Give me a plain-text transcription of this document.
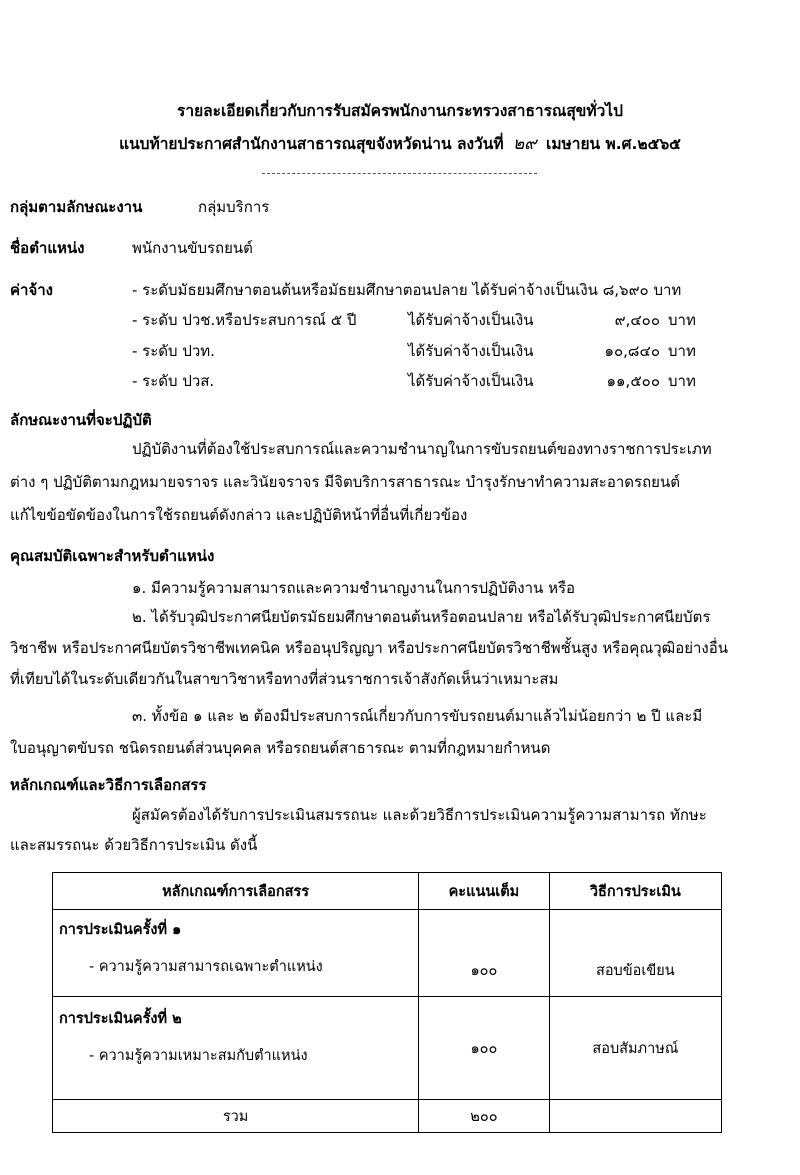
รายละเอียดเกี่ยวกับการรับสมัครพนักงานกระทรวงสาธารณสุขทั่วไป
แนบท้ายประกาศสำนักงานสาธารณสุขจังหวัดน่าน ลงวันที่ ๒๙ เมษายน พ.ศ.๒๕๖๕
กลุ่มตามลักษณะงาน	กลุ่มบริการ
ชื่อตำแหน่ง	พนักงานขับรถยนต์
ค่าจ้าง	- ระดับมัธยมศึกษาตอนต้นหรือมัธยมศึกษาตอนปลาย ได้รับค่าจ้างเป็นเงิน ๘,๖๙๐ บาท
- ระดับ ปวช.หรือประสบการณ์ ๕ ปี	ได้รับค่าจ้างเป็นเงิน	๙,๔๐๐ บาท
- ระดับ ปวท.	ได้รับค่าจ้างเป็นเงิน	๑๐,๘๔๐ บาท
- ระดับ ปวส.	ได้รับค่าจ้างเป็นเงิน	๑๑,๕๐๐ บาท
ลักษณะงานที่จะปฏิบัติ
ปฏิบัติงานที่ต้องใช้ประสบการณ์และความชำนาญในการขับรถยนต์ของทางราชการประเภท
ต่าง ๆ ปฏิบัติตามกฎหมายจราจร และวินัยจราจร มีจิตบริการสาธารณะ บำรุงรักษาทำความสะอาดรถยนต์
แก้ไขข้อขัดข้องในการใช้รถยนต์ดังกล่าว และปฏิบัติหน้าที่อื่นที่เกี่ยวข้อง
คุณสมบัติเฉพาะสำหรับตำแหน่ง
๑. มีความรู้ความสามารถและความชำนาญงานในการปฏิบัติงาน หรือ
๒. ได้รับวุฒิประกาศนียบัตรมัธยมศึกษาตอนต้นหรือตอนปลาย หรือได้รับวุฒิประกาศนียบัตร
วิชาชีพ หรือประกาศนียบัตรวิชาชีพเทคนิค หรืออนุปริญญา หรือประกาศนียบัตรวิชาชีพชั้นสูง หรือคุณวุฒิอย่างอื่น
ที่เทียบได้ในระดับเดียวกันในสาขาวิชาหรือทางที่ส่วนราชการเจ้าสังกัดเห็นว่าเหมาะสม
๓. ทั้งข้อ ๑ และ ๒ ต้องมีประสบการณ์เกี่ยวกับการขับรถยนต์มาแล้วไม่น้อยกว่า ๒ ปี และมี
ใบอนุญาตขับรถ ชนิดรถยนต์ส่วนบุคคล หรือรถยนต์สาธารณะ ตามที่กฎหมายกำหนด
หลักเกณฑ์และวิธีการเลือกสรร
ผู้สมัครต้องได้รับการประเมินสมรรถนะ และด้วยวิธีการประเมินความรู้ความสามารถ ทักษะ
และสมรรถนะ ด้วยวิธีการประเมิน ดังนี้
หลักเกณฑ์การเลือกสรร	คะแนนเต็ม	วิธีการประเมิน

การประเมินครั้งที่ ๑
- ความรู้ความสามารถเฉพาะตำแหน่ง	๑๐๐	สอบข้อเขียน

การประเมินครั้งที่ ๒
- ความรู้ความเหมาะสมกับตำแหน่ง	๑๐๐	สอบสัมภาษณ์
รวม	๒๐๐	
